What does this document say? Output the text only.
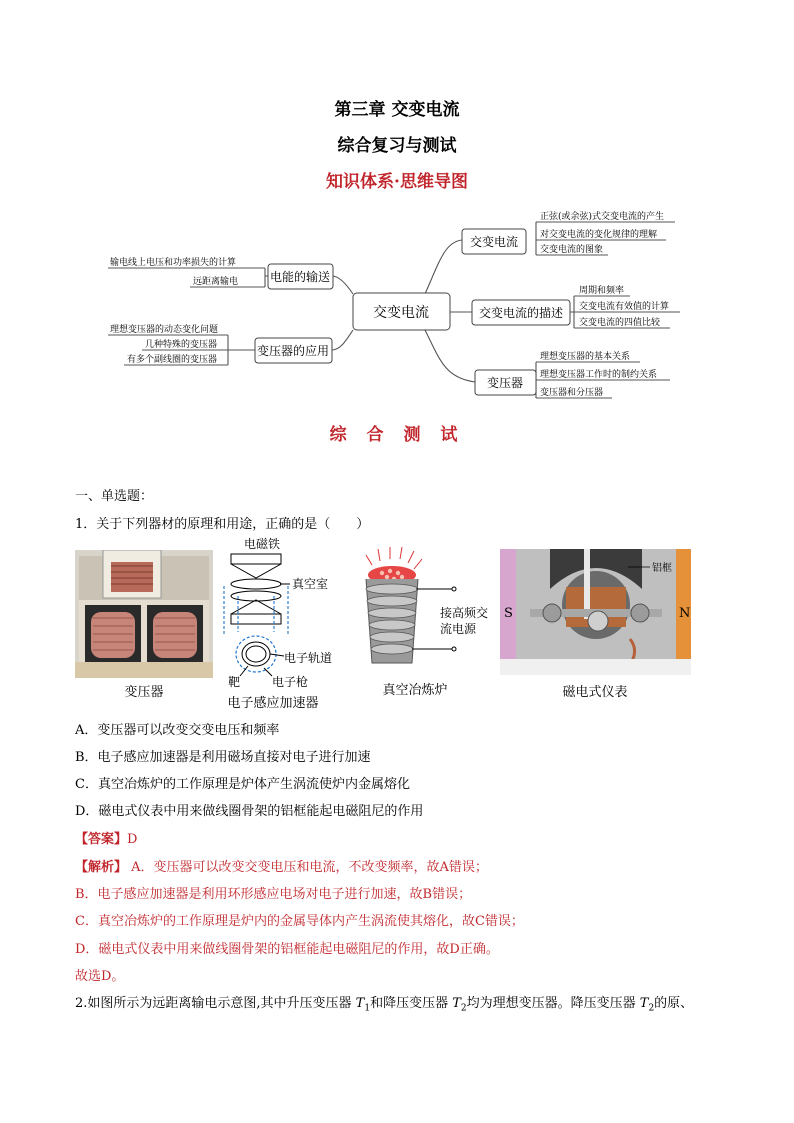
第三章 交变电流
综合复习与测试
知识体系·思维导图
交变电流
交变电流
交变电流的描述
变压器
电能的输送
变压器的应用
正弦(或余弦)式交变电流的产生
对交变电流的变化规律的理解
交变电流的图象
周期和频率
交变电流有效值的计算
交变电流的四值比较
理想变压器的基本关系
理想变压器工作时的制约关系
变压器和分压器
输电线上电压和功率损失的计算
远距离输电
理想变压器的动态变化问题
几种特殊的变压器
有多个副线圈的变压器
综 合 测 试
一、单选题：
1．关于下列器材的原理和用途，正确的是（　　）
变压器
电磁铁
真空室
电子轨道
靶	电子枪
电子感应加速器
接高频交
流电源
真空冶炼炉
S	N
铝框
磁电式仪表
A．变压器可以改变交变电压和频率
B．电子感应加速器是利用磁场直接对电子进行加速
C．真空冶炼炉的工作原理是炉体产生涡流使炉内金属熔化
D．磁电式仪表中用来做线圈骨架的铝框能起电磁阻尼的作用
【答案】D
【解析】 A．变压器可以改变交变电压和电流，不改变频率，故A错误；
B．电子感应加速器是利用环形感应电场对电子进行加速，故B错误；
C．真空冶炼炉的工作原理是炉内的金属导体内产生涡流使其熔化，故C错误；
D．磁电式仪表中用来做线圈骨架的铝框能起电磁阻尼的作用，故D正确。
故选D。
2.如图所示为远距离输电示意图,其中升压变压器 $T_1$和降压变压器 $T_2$均为理想变压器。降压变压器 $T_2$的原、
